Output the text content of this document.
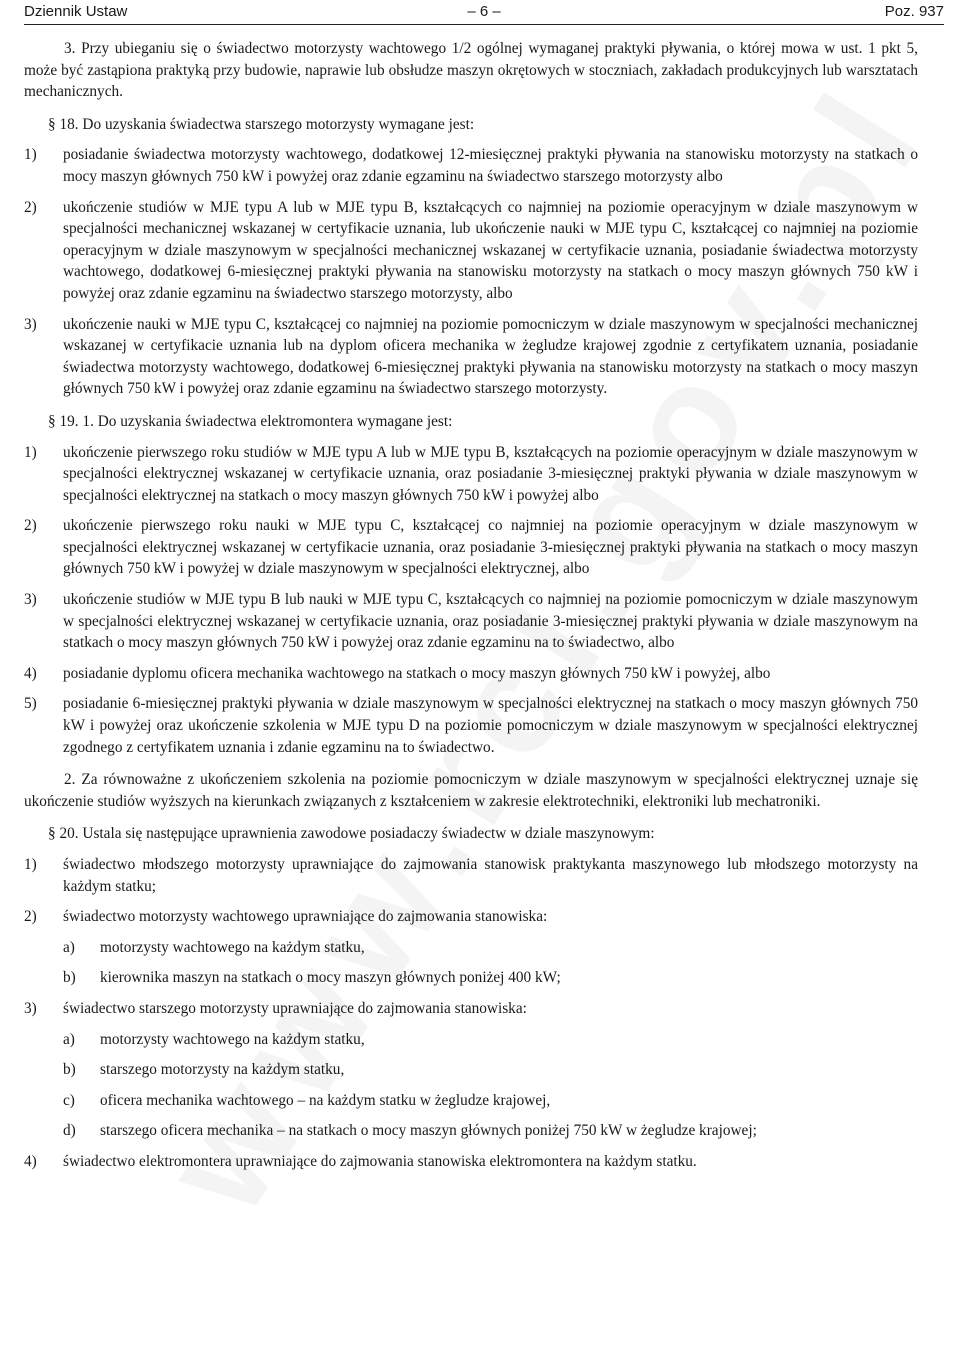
Dziennik Ustaw	– 6 –	Poz. 937

3. Przy ubieganiu się o świadectwo motorzysty wachtowego 1/2 ogólnej wymaganej praktyki pływania, o której mowa w ust. 1 pkt 5, może być zastąpiona praktyką przy budowie, naprawie lub obsłudze maszyn okrętowych w stoczniach, zakładach produkcyjnych lub warsztatach mechanicznych.

§ 18. Do uzyskania świadectwa starszego motorzysty wymagane jest:

1) posiadanie świadectwa motorzysty wachtowego, dodatkowej 12-miesięcznej praktyki pływania na stanowisku motorzysty na statkach o mocy maszyn głównych 750 kW i powyżej oraz zdanie egzaminu na świadectwo starszego motorzysty albo
2) ukończenie studiów w MJE typu A lub w MJE typu B, kształcących co najmniej na poziomie operacyjnym w dziale maszynowym w specjalności mechanicznej wskazanej w certyfikacie uznania, lub ukończenie nauki w MJE typu C, kształcącej co najmniej na poziomie operacyjnym w dziale maszynowym w specjalności mechanicznej wskazanej w certyfikacie uznania, posiadanie świadectwa motorzysty wachtowego, dodatkowej 6-miesięcznej praktyki pływania na stanowisku motorzysty na statkach o mocy maszyn głównych 750 kW i powyżej oraz zdanie egzaminu na świadectwo starszego motorzysty, albo
3) ukończenie nauki w MJE typu C, kształcącej co najmniej na poziomie pomocniczym w dziale maszynowym w specjalności mechanicznej wskazanej w certyfikacie uznania lub na dyplom oficera mechanika w żegludze krajowej zgodnie z certyfikatem uznania, posiadanie świadectwa motorzysty wachtowego, dodatkowej 6-miesięcznej praktyki pływania na stanowisku motorzysty na statkach o mocy maszyn głównych 750 kW i powyżej oraz zdanie egzaminu na świadectwo starszego motorzysty.

§ 19. 1. Do uzyskania świadectwa elektromontera wymagane jest:

1) ukończenie pierwszego roku studiów w MJE typu A lub w MJE typu B, kształcących na poziomie operacyjnym w dziale maszynowym w specjalności elektrycznej wskazanej w certyfikacie uznania, oraz posiadanie 3-miesięcznej praktyki pływania w dziale maszynowym w specjalności elektrycznej na statkach o mocy maszyn głównych 750 kW i powyżej albo
2) ukończenie pierwszego roku nauki w MJE typu C, kształcącej co najmniej na poziomie operacyjnym w dziale maszynowym w specjalności elektrycznej wskazanej w certyfikacie uznania, oraz posiadanie 3-miesięcznej praktyki pływania na statkach o mocy maszyn głównych 750 kW i powyżej w dziale maszynowym w specjalności elektrycznej, albo
3) ukończenie studiów w MJE typu B lub nauki w MJE typu C, kształcących co najmniej na poziomie pomocniczym w dziale maszynowym w specjalności elektrycznej wskazanej w certyfikacie uznania, oraz posiadanie 3-miesięcznej praktyki pływania w dziale maszynowym na statkach o mocy maszyn głównych 750 kW i powyżej oraz zdanie egzaminu na to świadectwo, albo
4) posiadanie dyplomu oficera mechanika wachtowego na statkach o mocy maszyn głównych 750 kW i powyżej, albo
5) posiadanie 6-miesięcznej praktyki pływania w dziale maszynowym w specjalności elektrycznej na statkach o mocy maszyn głównych 750 kW i powyżej oraz ukończenie szkolenia w MJE typu D na poziomie pomocniczym w dziale maszynowym w specjalności elektrycznej zgodnego z certyfikatem uznania i zdanie egzaminu na to świadectwo.

2. Za równoważne z ukończeniem szkolenia na poziomie pomocniczym w dziale maszynowym w specjalności elektrycznej uznaje się ukończenie studiów wyższych na kierunkach związanych z kształceniem w zakresie elektrotechniki, elektroniki lub mechatroniki.

§ 20. Ustala się następujące uprawnienia zawodowe posiadaczy świadectw w dziale maszynowym:

1) świadectwo młodszego motorzysty uprawniające do zajmowania stanowisk praktykanta maszynowego lub młodszego motorzysty na każdym statku;
2) świadectwo motorzysty wachtowego uprawniające do zajmowania stanowiska:
a) motorzysty wachtowego na każdym statku,
b) kierownika maszyn na statkach o mocy maszyn głównych poniżej 400 kW;
3) świadectwo starszego motorzysty uprawniające do zajmowania stanowiska:
a) motorzysty wachtowego na każdym statku,
b) starszego motorzysty na każdym statku,
c) oficera mechanika wachtowego – na każdym statku w żegludze krajowej,
d) starszego oficera mechanika – na statkach o mocy maszyn głównych poniżej 750 kW w żegludze krajowej;
4) świadectwo elektromontera uprawniające do zajmowania stanowiska elektromontera na każdym statku.
